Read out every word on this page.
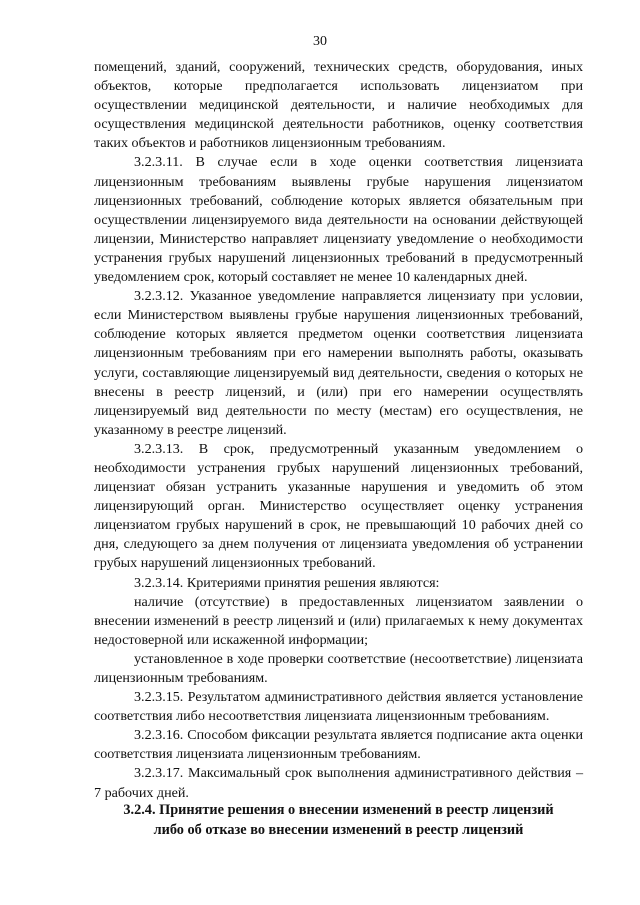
30

помещений, зданий, сооружений, технических средств, оборудования, иных объектов, которые предполагается использовать лицензиатом при осуществлении медицинской деятельности, и наличие необходимых для осуществления медицинской деятельности работников, оценку соответствия таких объектов и работников лицензионным требованиям.

3.2.3.11. В случае если в ходе оценки соответствия лицензиата лицензионным требованиям выявлены грубые нарушения лицензиатом лицензионных требований, соблюдение которых является обязательным при осуществлении лицензируемого вида деятельности на основании действующей лицензии, Министерство направляет лицензиату уведомление о необходимости устранения грубых нарушений лицензионных требований в предусмотренный уведомлением срок, который составляет не менее 10 календарных дней.

3.2.3.12. Указанное уведомление направляется лицензиату при условии, если Министерством выявлены грубые нарушения лицензионных требований, соблюдение которых является предметом оценки соответствия лицензиата лицензионным требованиям при его намерении выполнять работы, оказывать услуги, составляющие лицензируемый вид деятельности, сведения о которых не внесены в реестр лицензий, и (или) при его намерении осуществлять лицензируемый вид деятельности по месту (местам) его осуществления, не указанному в реестре лицензий.

3.2.3.13. В срок, предусмотренный указанным уведомлением о необходимости устранения грубых нарушений лицензионных требований, лицензиат обязан устранить указанные нарушения и уведомить об этом лицензирующий орган. Министерство осуществляет оценку устранения лицензиатом грубых нарушений в срок, не превышающий 10 рабочих дней со дня, следующего за днем получения от лицензиата уведомления об устранении грубых нарушений лицензионных требований.

3.2.3.14. Критериями принятия решения являются:

наличие (отсутствие) в предоставленных лицензиатом заявлении о внесении изменений в реестр лицензий и (или) прилагаемых к нему документах недостоверной или искаженной информации;

установленное в ходе проверки соответствие (несоответствие) лицензиата лицензионным требованиям.

3.2.3.15. Результатом административного действия является установление соответствия либо несоответствия лицензиата лицензионным требованиям.

3.2.3.16. Способом фиксации результата является подписание акта оценки соответствия лицензиата лицензионным требованиям.

3.2.3.17. Максимальный срок выполнения административного действия – 7 рабочих дней.

3.2.4. Принятие решения о внесении изменений в реестр лицензий
либо об отказе во внесении изменений в реестр лицензий
